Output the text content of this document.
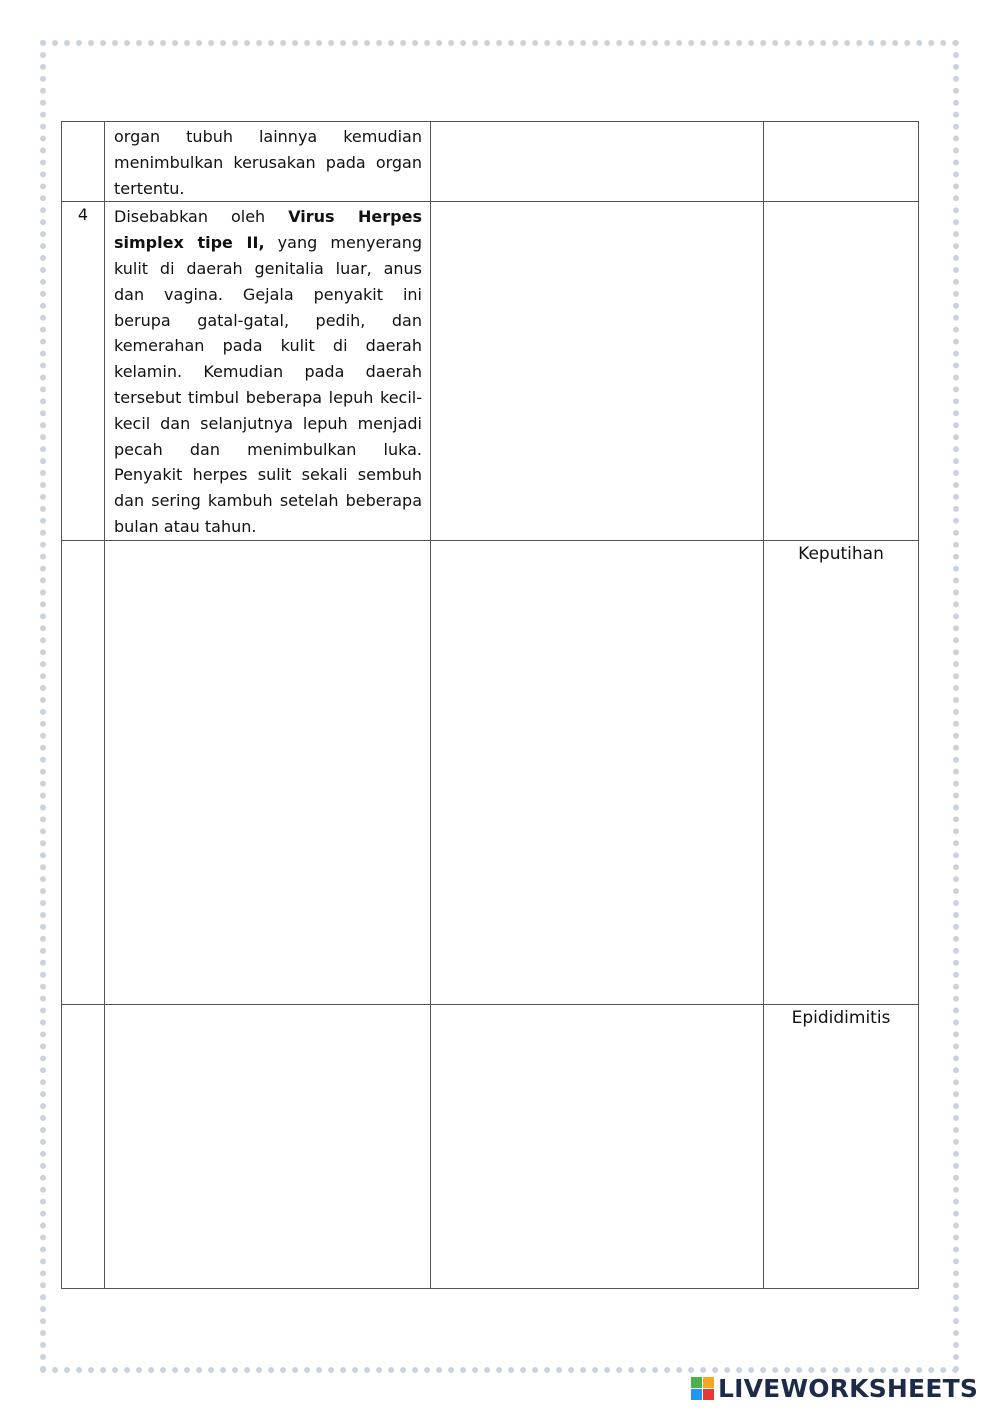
	organ tubuh lainnya kemudian menimbulkan kerusakan pada organ tertentu.		

4	Disebabkan oleh Virus Herpes simplex tipe II, yang menyerang kulit di daerah genitalia luar, anus dan vagina. Gejala penyakit ini berupa gatal-gatal, pedih, dan kemerahan pada kulit di daerah kelamin. Kemudian pada daerah tersebut timbul beberapa lepuh kecil-kecil dan selanjutnya lepuh menjadi pecah dan menimbulkan luka. Penyakit herpes sulit sekali sembuh dan sering kambuh setelah beberapa bulan atau tahun.		

			Keputihan

			Epididimitis
LIVEWORKSHEETS
